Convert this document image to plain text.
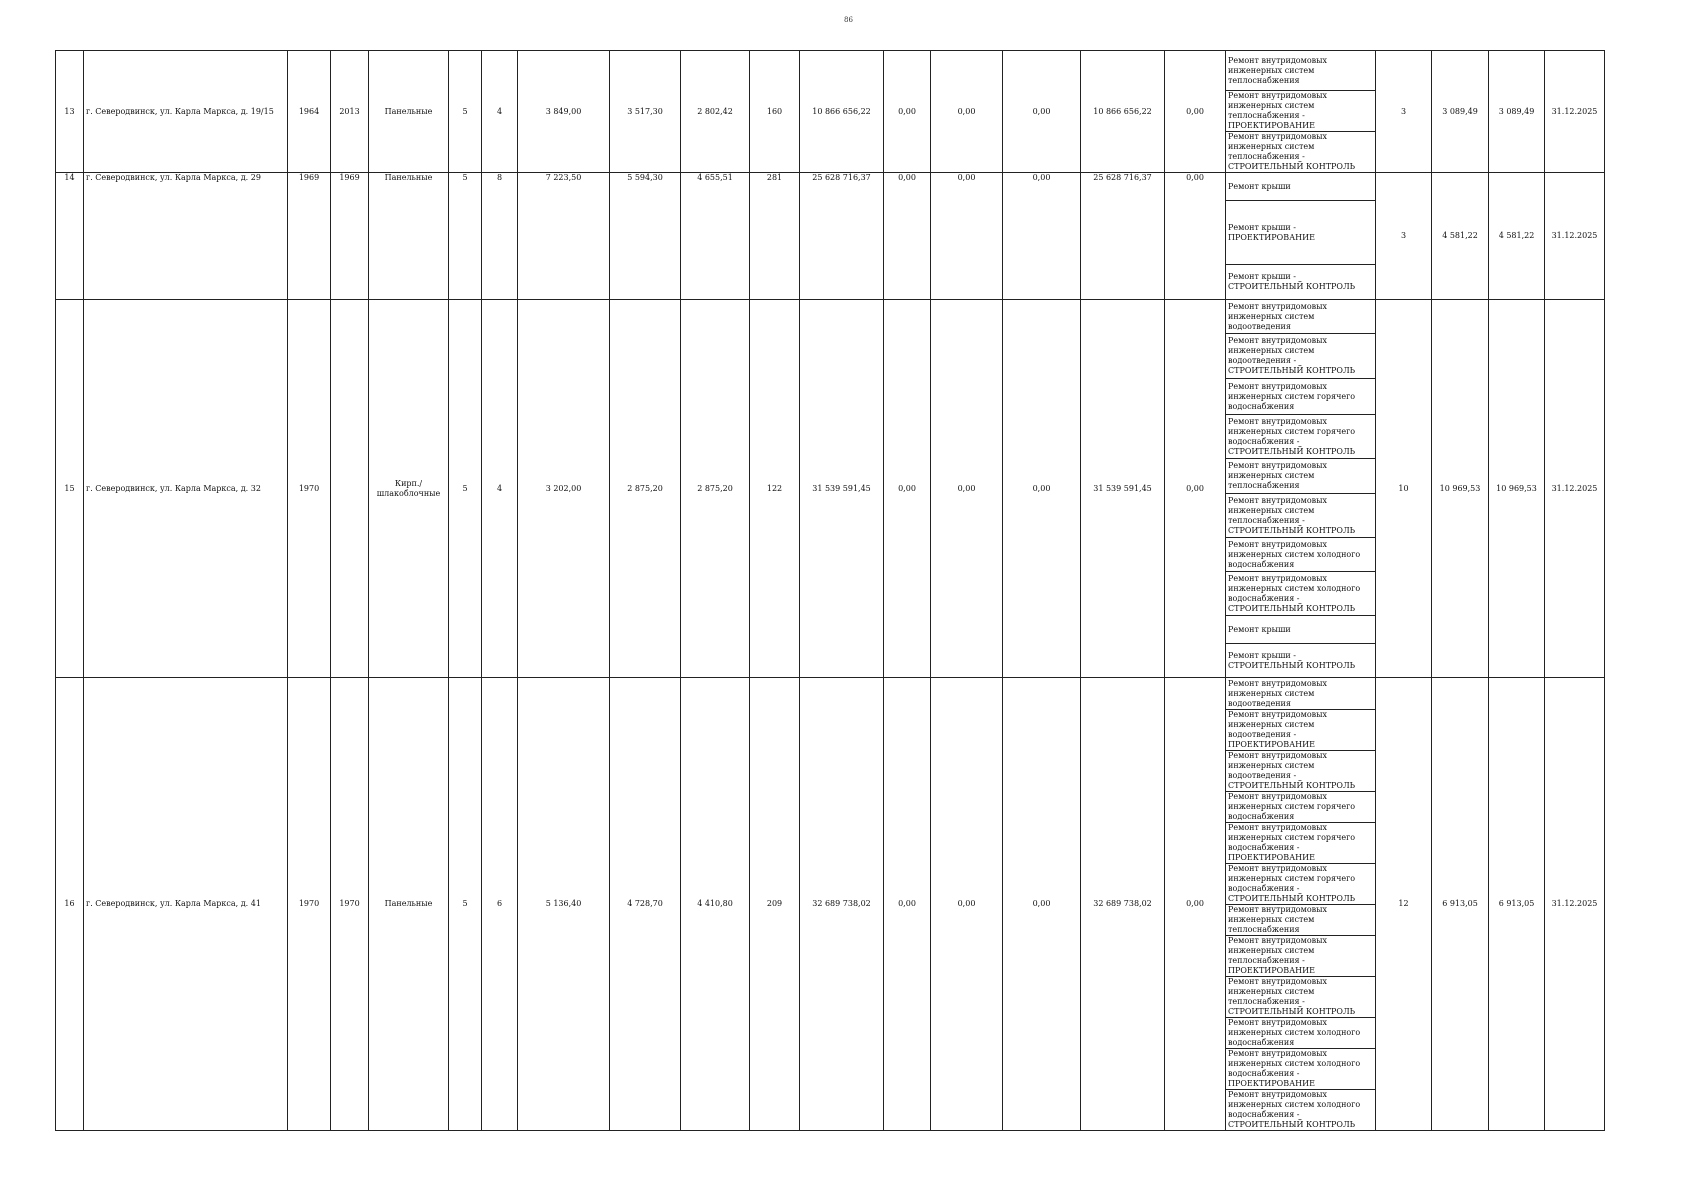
86
13	г. Северодвинск, ул. Карла Маркса, д. 19/15	1964	2013	Панельные	5	4	3 849,00	3 517,30	2 802,42	160	10 866 656,22	0,00	0,00	0,00	10 866 656,22	0,00	Ремонт внутридомовых инженерных систем теплоснабжения	3	3 089,49	3 089,49	31.12.2025
																	Ремонт внутридомовых инженерных систем теплоснабжения - ПРОЕКТИРОВАНИЕ				
																	Ремонт внутридомовых инженерных систем теплоснабжения - СТРОИТЕЛЬНЫЙ КОНТРОЛЬ				
14	г. Северодвинск, ул. Карла Маркса, д. 29	1969	1969	Панельные	5	8	7 223,50	5 594,30	4 655,51	281	25 628 716,37	0,00	0,00	0,00	25 628 716,37	0,00	Ремонт крыши	3	4 581,22	4 581,22	31.12.2025
																	Ремонт крыши - ПРОЕКТИРОВАНИЕ				
																	Ремонт крыши - СТРОИТЕЛЬНЫЙ КОНТРОЛЬ				
15	г. Северодвинск, ул. Карла Маркса, д. 32	1970		Кирп./шлакоблочные	5	4	3 202,00	2 875,20	2 875,20	122	31 539 591,45	0,00	0,00	0,00	31 539 591,45	0,00	Ремонт внутридомовых инженерных систем водоотведения	10	10 969,53	10 969,53	31.12.2025
																	Ремонт внутридомовых инженерных систем водоотведения - СТРОИТЕЛЬНЫЙ КОНТРОЛЬ				
																	Ремонт внутридомовых инженерных систем горячего водоснабжения				
																	Ремонт внутридомовых инженерных систем горячего водоснабжения - СТРОИТЕЛЬНЫЙ КОНТРОЛЬ				
																	Ремонт внутридомовых инженерных систем теплоснабжения				
																	Ремонт внутридомовых инженерных систем теплоснабжения - СТРОИТЕЛЬНЫЙ КОНТРОЛЬ				
																	Ремонт внутридомовых инженерных систем холодного водоснабжения				
																	Ремонт внутридомовых инженерных систем холодного водоснабжения - СТРОИТЕЛЬНЫЙ КОНТРОЛЬ				
																	Ремонт крыши				
																	Ремонт крыши - СТРОИТЕЛЬНЫЙ КОНТРОЛЬ				
16	г. Северодвинск, ул. Карла Маркса, д. 41	1970	1970	Панельные	5	6	5 136,40	4 728,70	4 410,80	209	32 689 738,02	0,00	0,00	0,00	32 689 738,02	0,00	Ремонт внутридомовых инженерных систем водоотведения	12	6 913,05	6 913,05	31.12.2025
																	Ремонт внутридомовых инженерных систем водоотведения - ПРОЕКТИРОВАНИЕ				
																	Ремонт внутридомовых инженерных систем водоотведения - СТРОИТЕЛЬНЫЙ КОНТРОЛЬ				
																	Ремонт внутридомовых инженерных систем горячего водоснабжения				
																	Ремонт внутридомовых инженерных систем горячего водоснабжения - ПРОЕКТИРОВАНИЕ				
																	Ремонт внутридомовых инженерных систем горячего водоснабжения - СТРОИТЕЛЬНЫЙ КОНТРОЛЬ				
																	Ремонт внутридомовых инженерных систем теплоснабжения				
																	Ремонт внутридомовых инженерных систем теплоснабжения - ПРОЕКТИРОВАНИЕ				
																	Ремонт внутридомовых инженерных систем теплоснабжения - СТРОИТЕЛЬНЫЙ КОНТРОЛЬ				
																	Ремонт внутридомовых инженерных систем холодного водоснабжения				
																	Ремонт внутридомовых инженерных систем холодного водоснабжения - ПРОЕКТИРОВАНИЕ				
																	Ремонт внутридомовых инженерных систем холодного водоснабжения - СТРОИТЕЛЬНЫЙ КОНТРОЛЬ				
